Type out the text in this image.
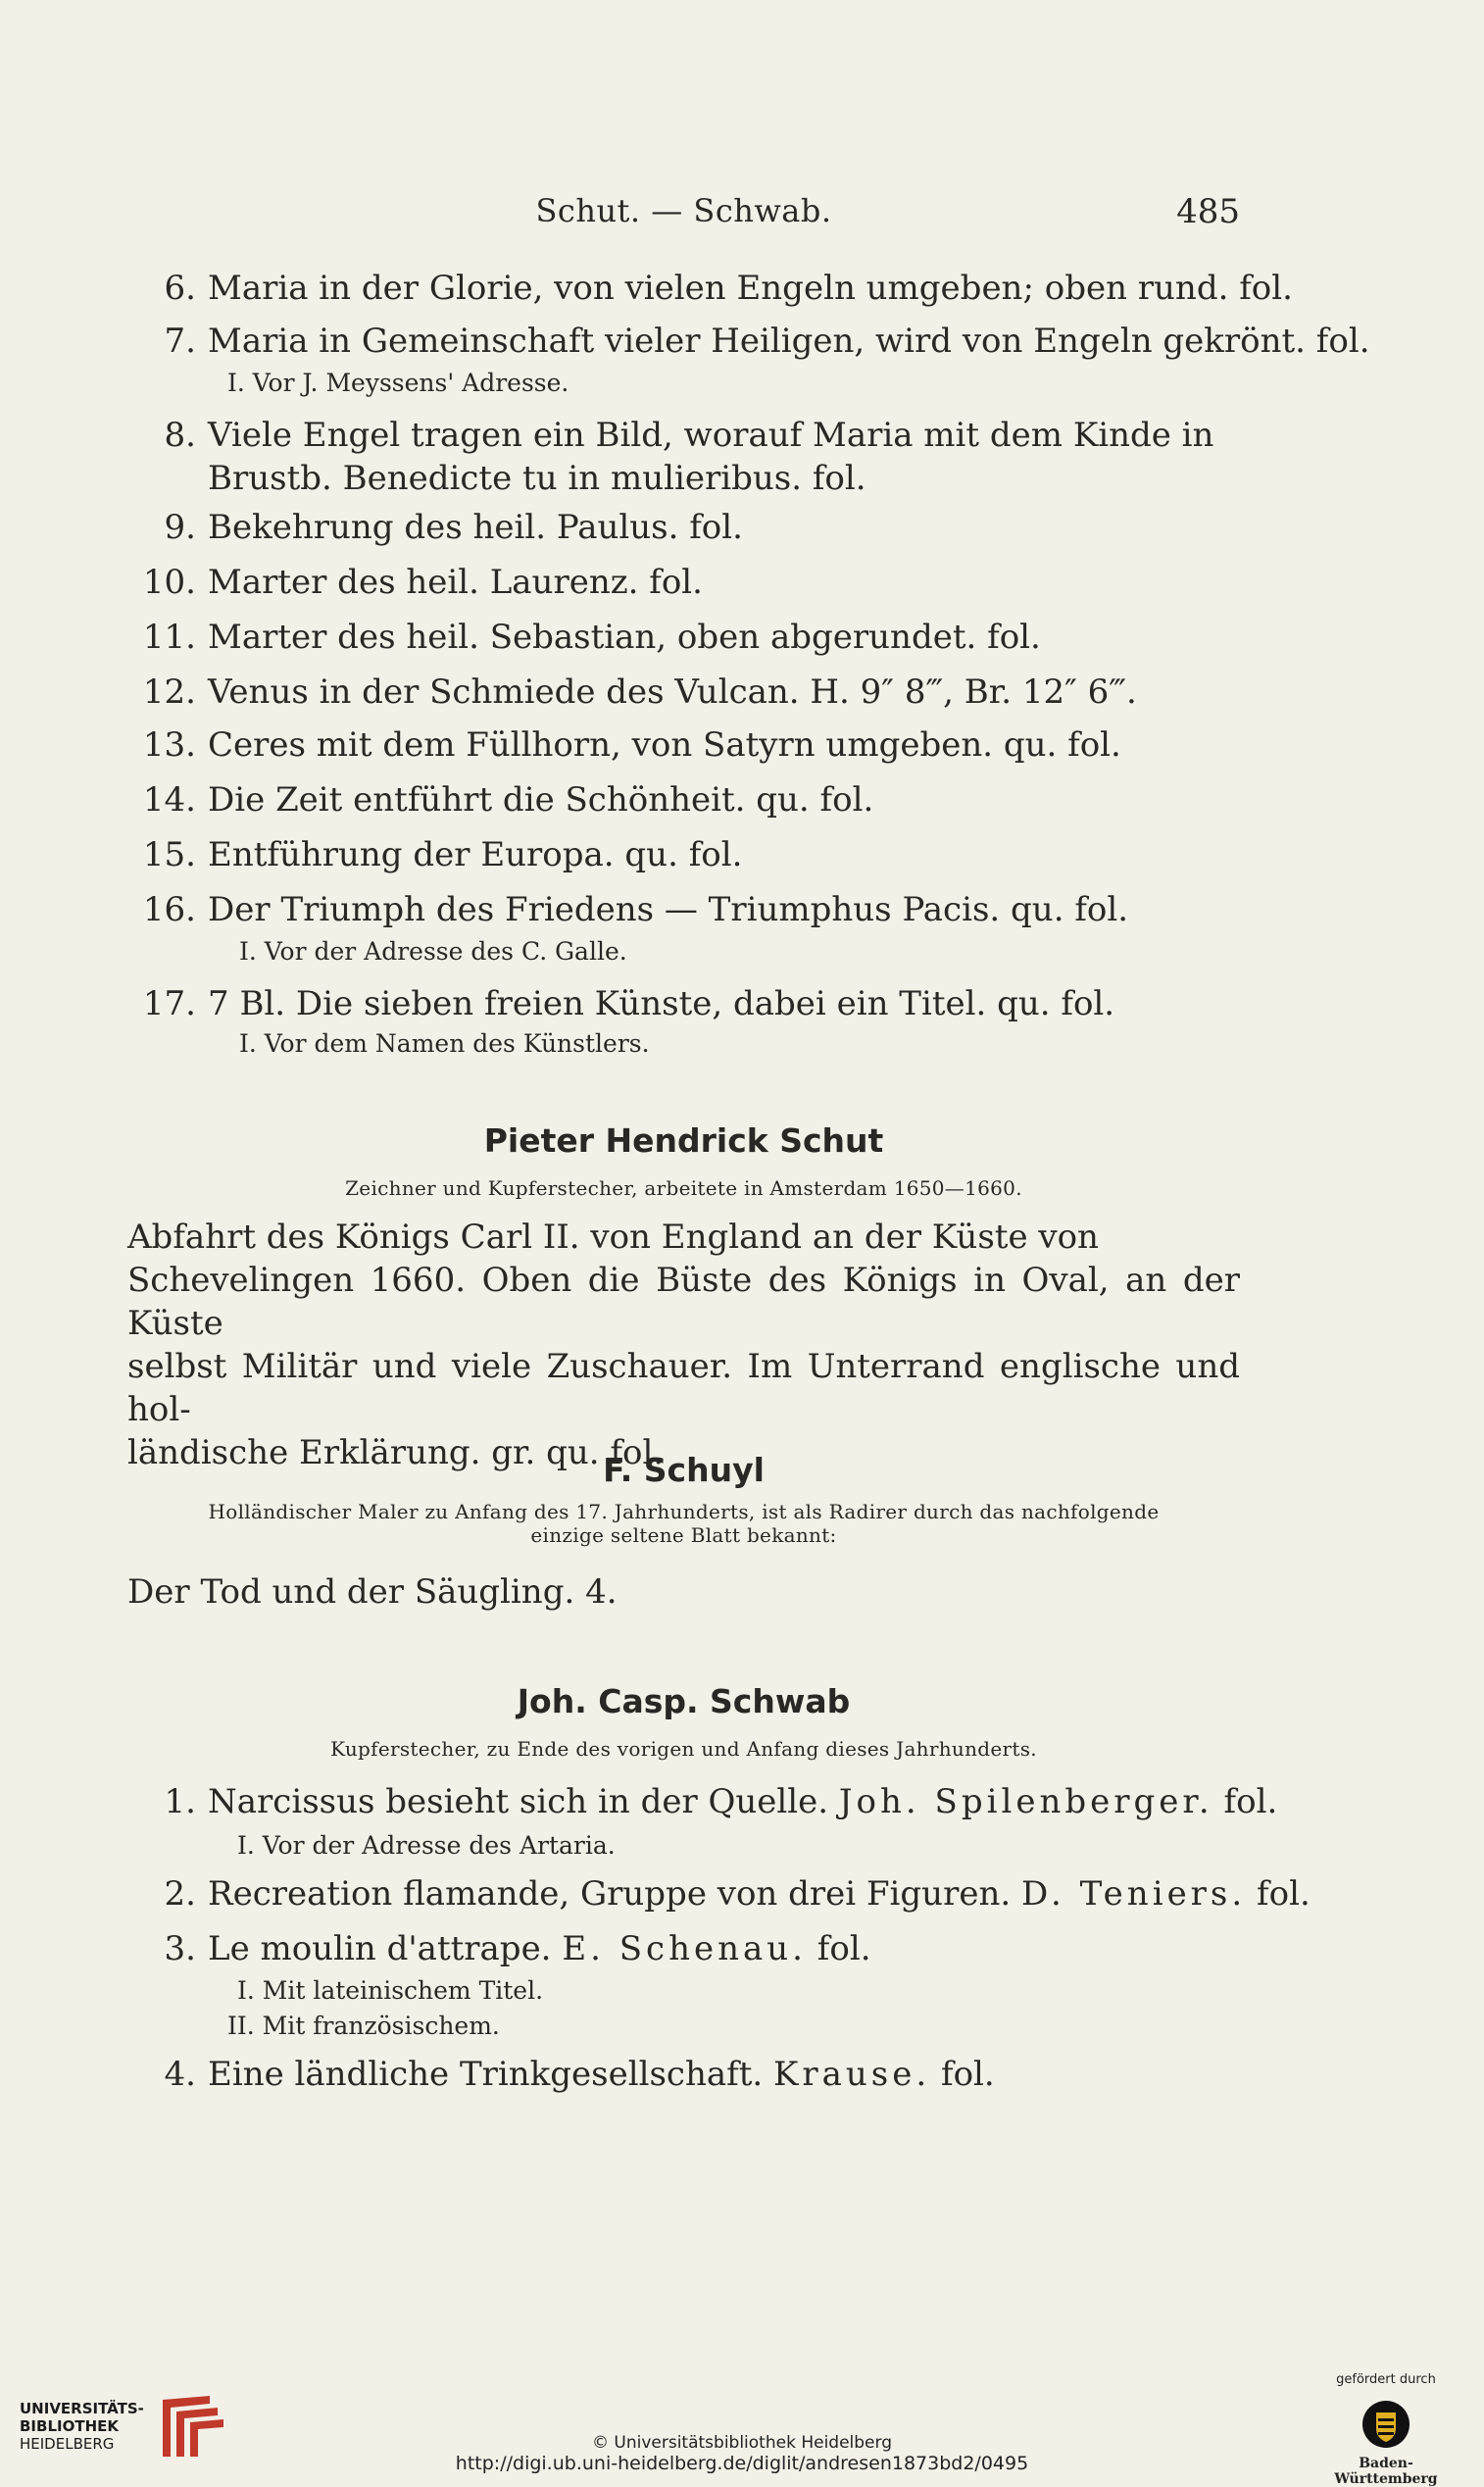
Schut. — Schwab.	485
6. Maria in der Glorie, von vielen Engeln umgeben; oben rund. fol.
7. Maria in Gemeinschaft vieler Heiligen, wird von Engeln gekrönt. fol.
I. Vor J. Meyssens' Adresse.
8. Viele Engel tragen ein Bild, worauf Maria mit dem Kinde in
Brustb. Benedicte tu in mulieribus. fol.
9. Bekehrung des heil. Paulus. fol.
10. Marter des heil. Laurenz. fol.
11. Marter des heil. Sebastian, oben abgerundet. fol.
12. Venus in der Schmiede des Vulcan. H. 9″ 8‴, Br. 12″ 6‴.
13. Ceres mit dem Füllhorn, von Satyrn umgeben. qu. fol.
14. Die Zeit entführt die Schönheit. qu. fol.
15. Entführung der Europa. qu. fol.
16. Der Triumph des Friedens — Triumphus Pacis. qu. fol.
I. Vor der Adresse des C. Galle.
17. 7 Bl. Die sieben freien Künste, dabei ein Titel. qu. fol.
I. Vor dem Namen des Künstlers.
Pieter Hendrick Schut
Zeichner und Kupferstecher, arbeitete in Amsterdam 1650—1660.
Abfahrt des Königs Carl II. von England an der Küste von
Schevelingen 1660. Oben die Büste des Königs in Oval, an der Küste
selbst Militär und viele Zuschauer. Im Unterrand englische und hol-
ländische Erklärung. gr. qu. fol.
F. Schuyl
Holländischer Maler zu Anfang des 17. Jahrhunderts, ist als Radirer durch das nachfolgende
einzige seltene Blatt bekannt:
Der Tod und der Säugling. 4.
Joh. Casp. Schwab
Kupferstecher, zu Ende des vorigen und Anfang dieses Jahrhunderts.
1. Narcissus besieht sich in der Quelle. Joh. Spilenberger. fol.
I. Vor der Adresse des Artaria.
2. Recreation flamande, Gruppe von drei Figuren. D. Teniers. fol.
3. Le moulin d'attrape. E. Schenau. fol.
I. Mit lateinischem Titel.
II. Mit französischem.
4. Eine ländliche Trinkgesellschaft. Krause. fol.
UNIVERSITÄTS-
BIBLIOTHEK
HEIDELBERG	© Universitätsbibliothek Heidelberg
http://digi.ub.uni-heidelberg.de/diglit/andresen1873bd2/0495
gefördert durch
Baden-Württemberg
